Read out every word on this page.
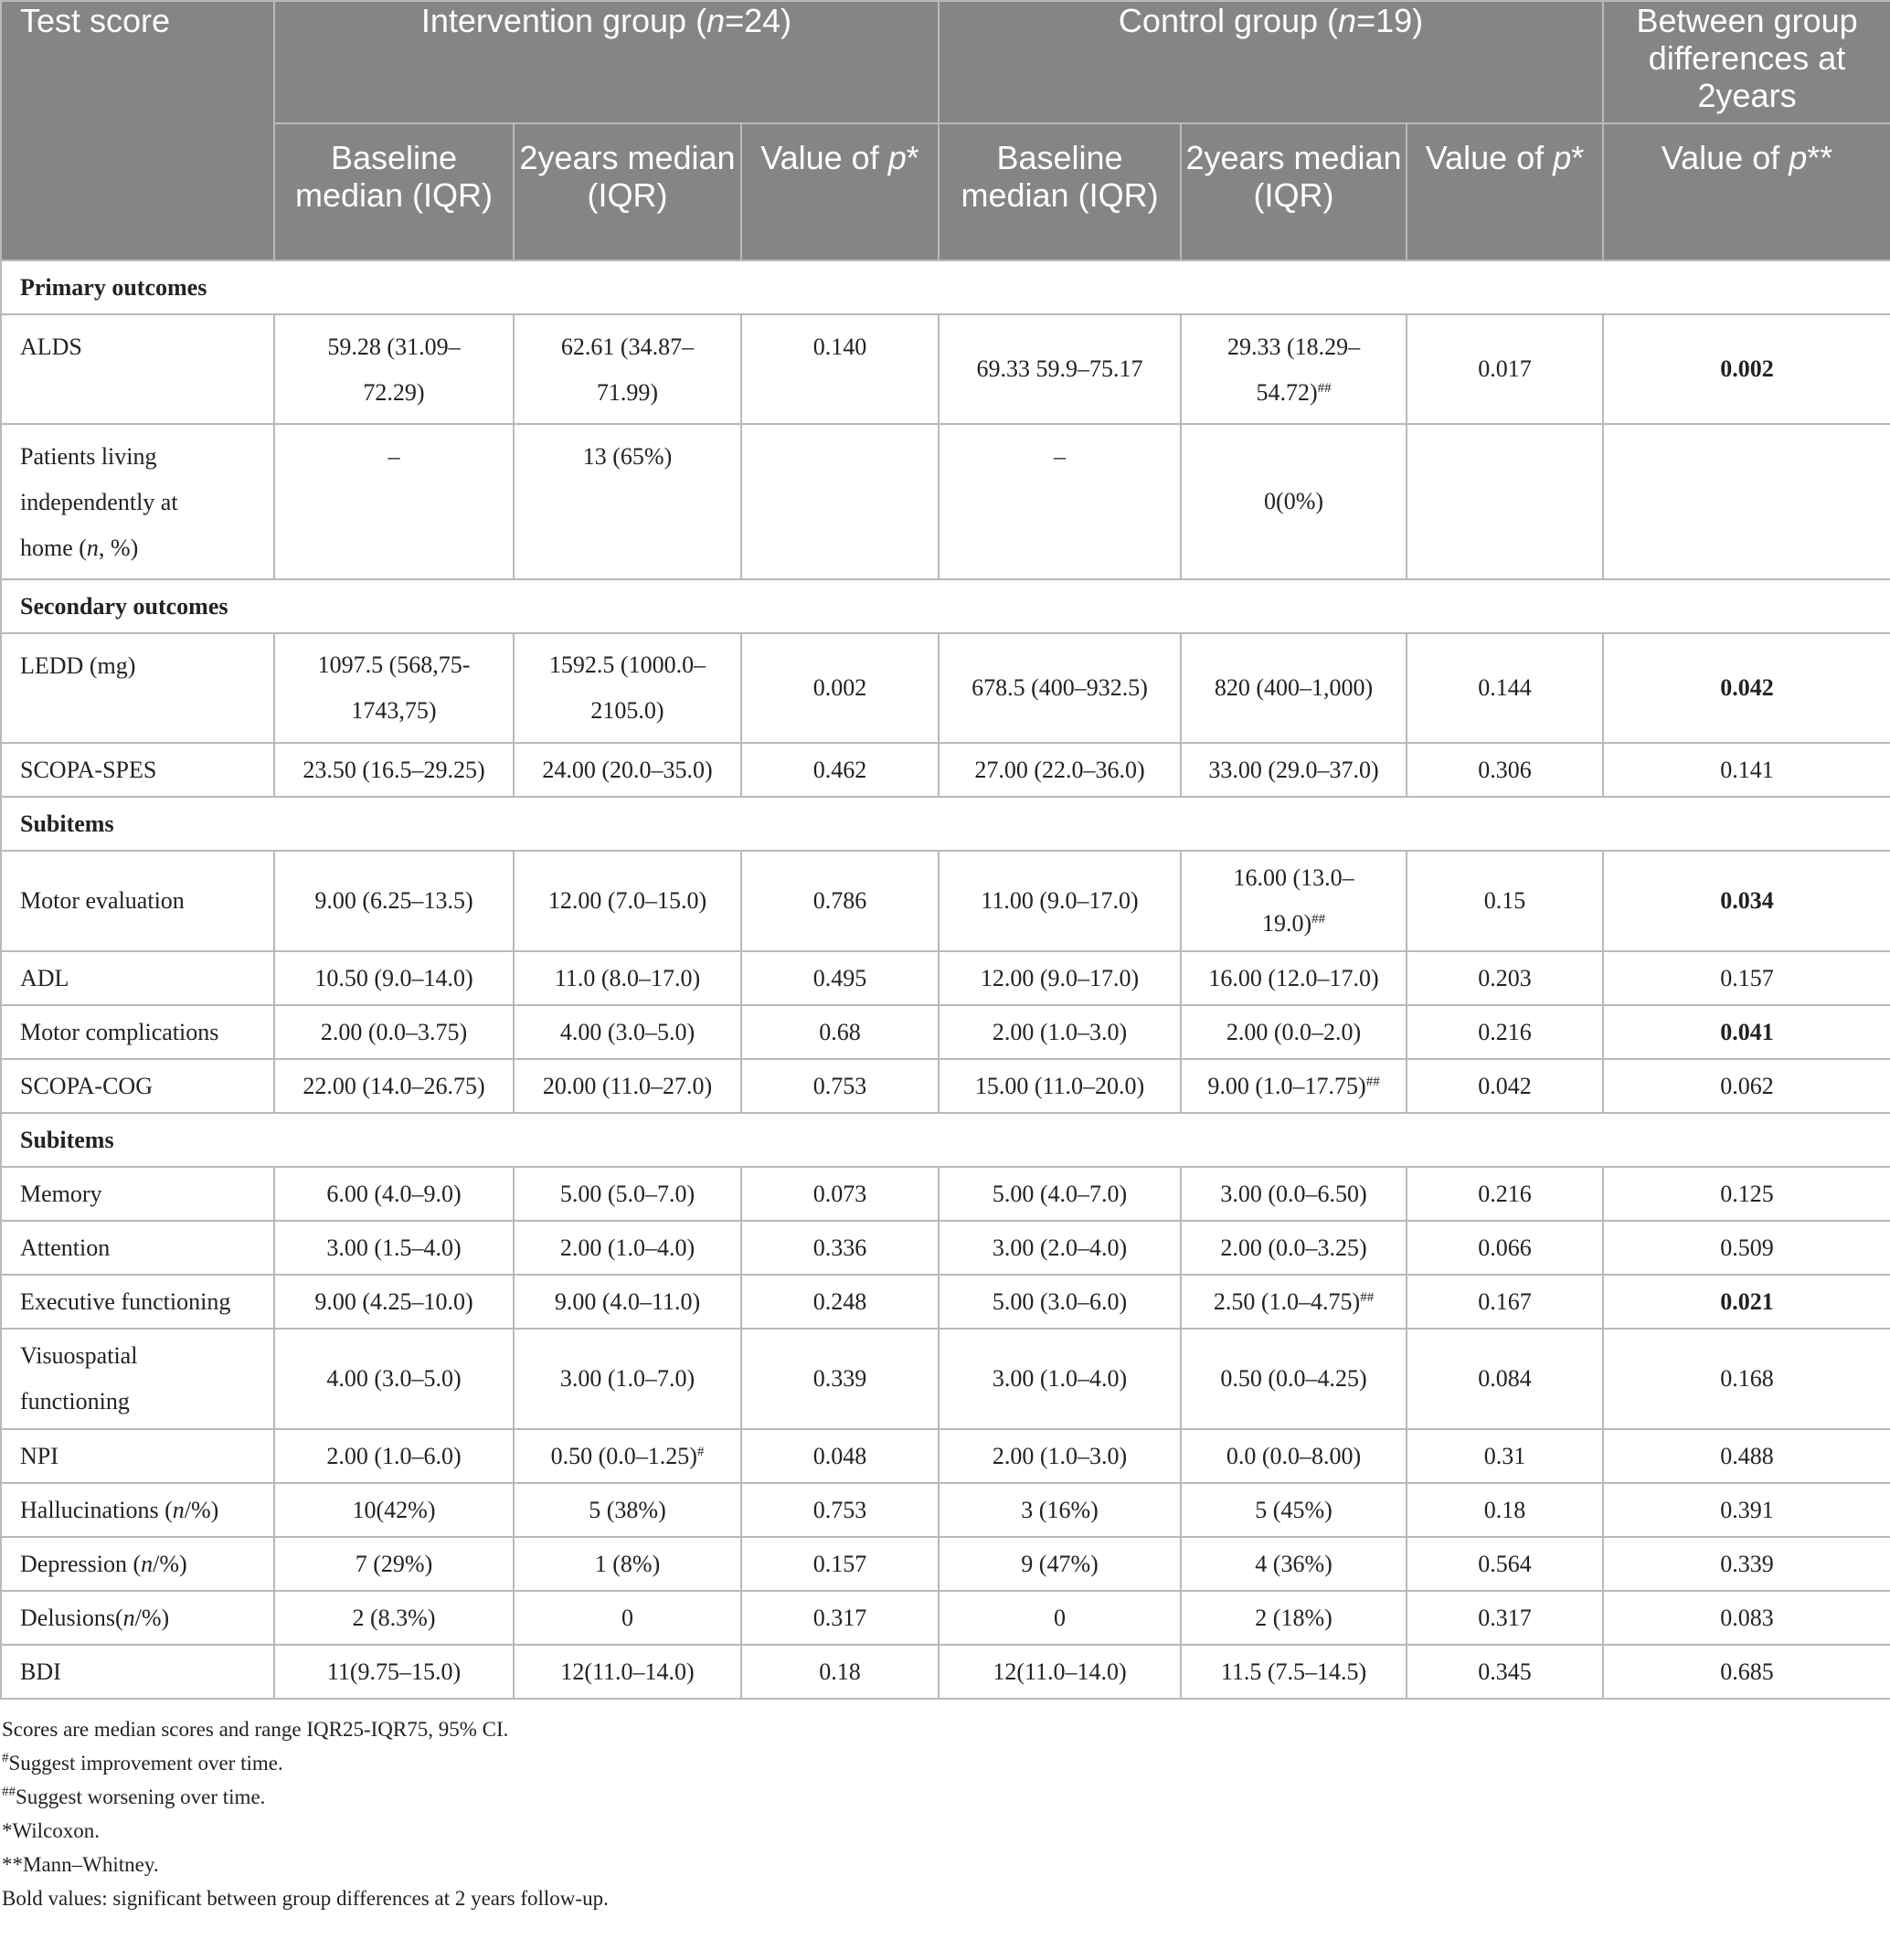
Test score	Intervention group (n=24)			Control group (n=19)			Between group differences at 2years
	Baseline median (IQR)	2years median (IQR)	Value of p*	Baseline median (IQR)	2years median (IQR)	Value of p*	Value of p**
Primary outcomes							
ALDS	59.28 (31.09–
72.29)	62.61 (34.87–
71.99)	0.140	69.33 59.9–75.17	29.33 (18.29–
54.72)##	0.017	0.002
Patients living
independently at
home (n, %)	–	13 (65%)		–	0(0%)		
Secondary outcomes							
LEDD (mg)	1097.5 (568,75-
1743,75)	1592.5 (1000.0–
2105.0)	0.002	678.5 (400–932.5)	820 (400–1,000)	0.144	0.042
SCOPA-SPES	23.50 (16.5–29.25)	24.00 (20.0–35.0)	0.462	27.00 (22.0–36.0)	33.00 (29.0–37.0)	0.306	0.141
Subitems							
Motor evaluation	9.00 (6.25–13.5)	12.00 (7.0–15.0)	0.786	11.00 (9.0–17.0)	16.00 (13.0–
19.0)##	0.15	0.034
ADL	10.50 (9.0–14.0)	11.0 (8.0–17.0)	0.495	12.00 (9.0–17.0)	16.00 (12.0–17.0)	0.203	0.157
Motor complications	2.00 (0.0–3.75)	4.00 (3.0–5.0)	0.68	2.00 (1.0–3.0)	2.00 (0.0–2.0)	0.216	0.041
SCOPA-COG	22.00 (14.0–26.75)	20.00 (11.0–27.0)	0.753	15.00 (11.0–20.0)	9.00 (1.0–17.75)##	0.042	0.062
Subitems							
Memory	6.00 (4.0–9.0)	5.00 (5.0–7.0)	0.073	5.00 (4.0–7.0)	3.00 (0.0–6.50)	0.216	0.125
Attention	3.00 (1.5–4.0)	2.00 (1.0–4.0)	0.336	3.00 (2.0–4.0)	2.00 (0.0–3.25)	0.066	0.509
Executive functioning	9.00 (4.25–10.0)	9.00 (4.0–11.0)	0.248	5.00 (3.0–6.0)	2.50 (1.0–4.75)##	0.167	0.021
Visuospatial
functioning	4.00 (3.0–5.0)	3.00 (1.0–7.0)	0.339	3.00 (1.0–4.0)	0.50 (0.0–4.25)	0.084	0.168
NPI	2.00 (1.0–6.0)	0.50 (0.0–1.25)#	0.048	2.00 (1.0–3.0)	0.0 (0.0–8.00)	0.31	0.488
Hallucinations (n/%)	10(42%)	5 (38%)	0.753	3 (16%)	5 (45%)	0.18	0.391
Depression (n/%)	7 (29%)	1 (8%)	0.157	9 (47%)	4 (36%)	0.564	0.339
Delusions(n/%)	2 (8.3%)	0	0.317	0	2 (18%)	0.317	0.083
BDI	11(9.75–15.0)	12(11.0–14.0)	0.18	12(11.0–14.0)	11.5 (7.5–14.5)	0.345	0.685
Scores are median scores and range IQR25-IQR75, 95% CI.
#Suggest improvement over time.
##Suggest worsening over time.
*Wilcoxon.
**Mann–Whitney.
Bold values: significant between group differences at 2 years follow-up.
